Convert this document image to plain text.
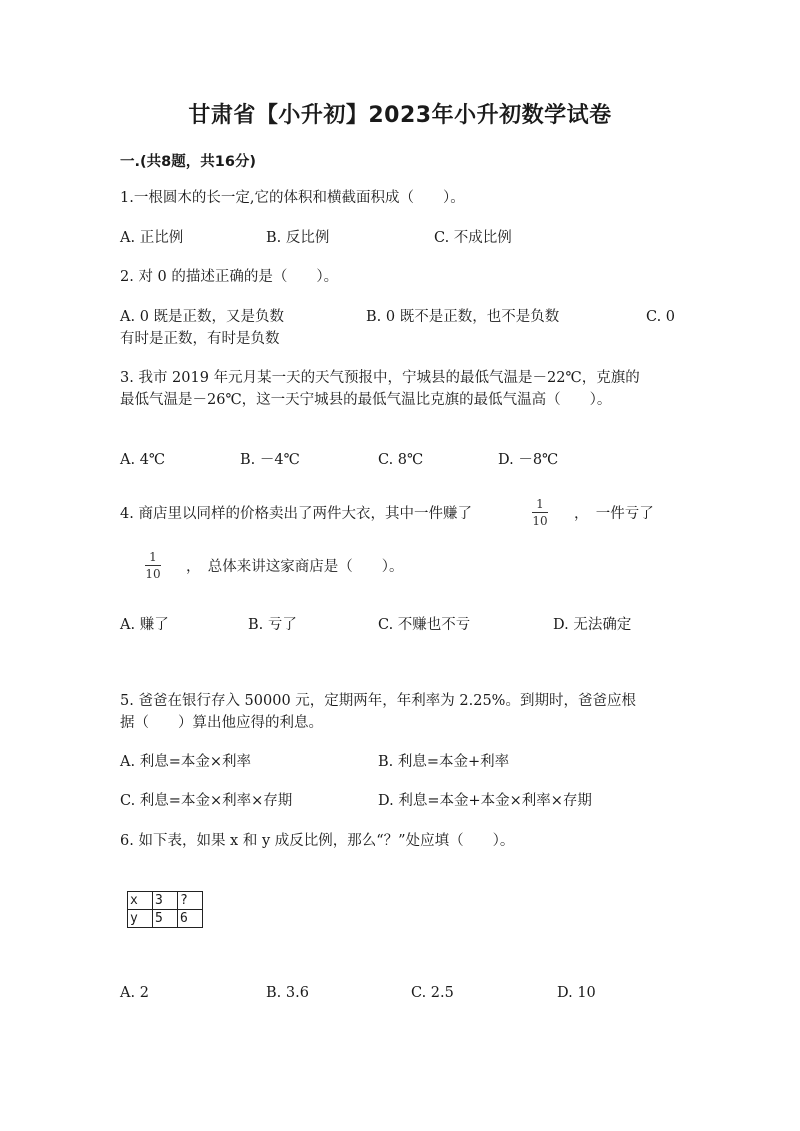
甘肃省【小升初】2023年小升初数学试卷
一.(共8题，共16分)
1.一根圆木的长一定,它的体积和横截面积成（　　）。
A. 正比例	B. 反比例	C. 不成比例
2. 对 0 的描述正确的是（　　）。
A. 0 既是正数，又是负数	B. 0 既不是正数，也不是负数	C. 0
有时是正数，有时是负数
3. 我市 2019 年元月某一天的天气预报中，宁城县的最低气温是－22℃，克旗的
最低气温是－26℃，这一天宁城县的最低气温比克旗的最低气温高（　　）。
A. 4℃	B. －4℃	C. 8℃	D. －8℃
4. 商店里以同样的价格卖出了两件大衣，其中一件赚了
1
10 ，　一件亏了
1
10 ，　总体来讲这家商店是（　　）。
A. 赚了	B. 亏了	C. 不赚也不亏	D. 无法确定
5. 爸爸在银行存入 50000 元，定期两年，年利率为 2.25%。到期时，爸爸应根
据（　　）算出他应得的利息。
A. 利息=本金×利率	B. 利息=本金+利率
C. 利息=本金×利率×存期	D. 利息=本金+本金×利率×存期
6. 如下表，如果 x 和 y 成反比例，那么“？”处应填（　　）。
x	3	?
y	5	6
A. 2	B. 3.6	C. 2.5	D. 10
